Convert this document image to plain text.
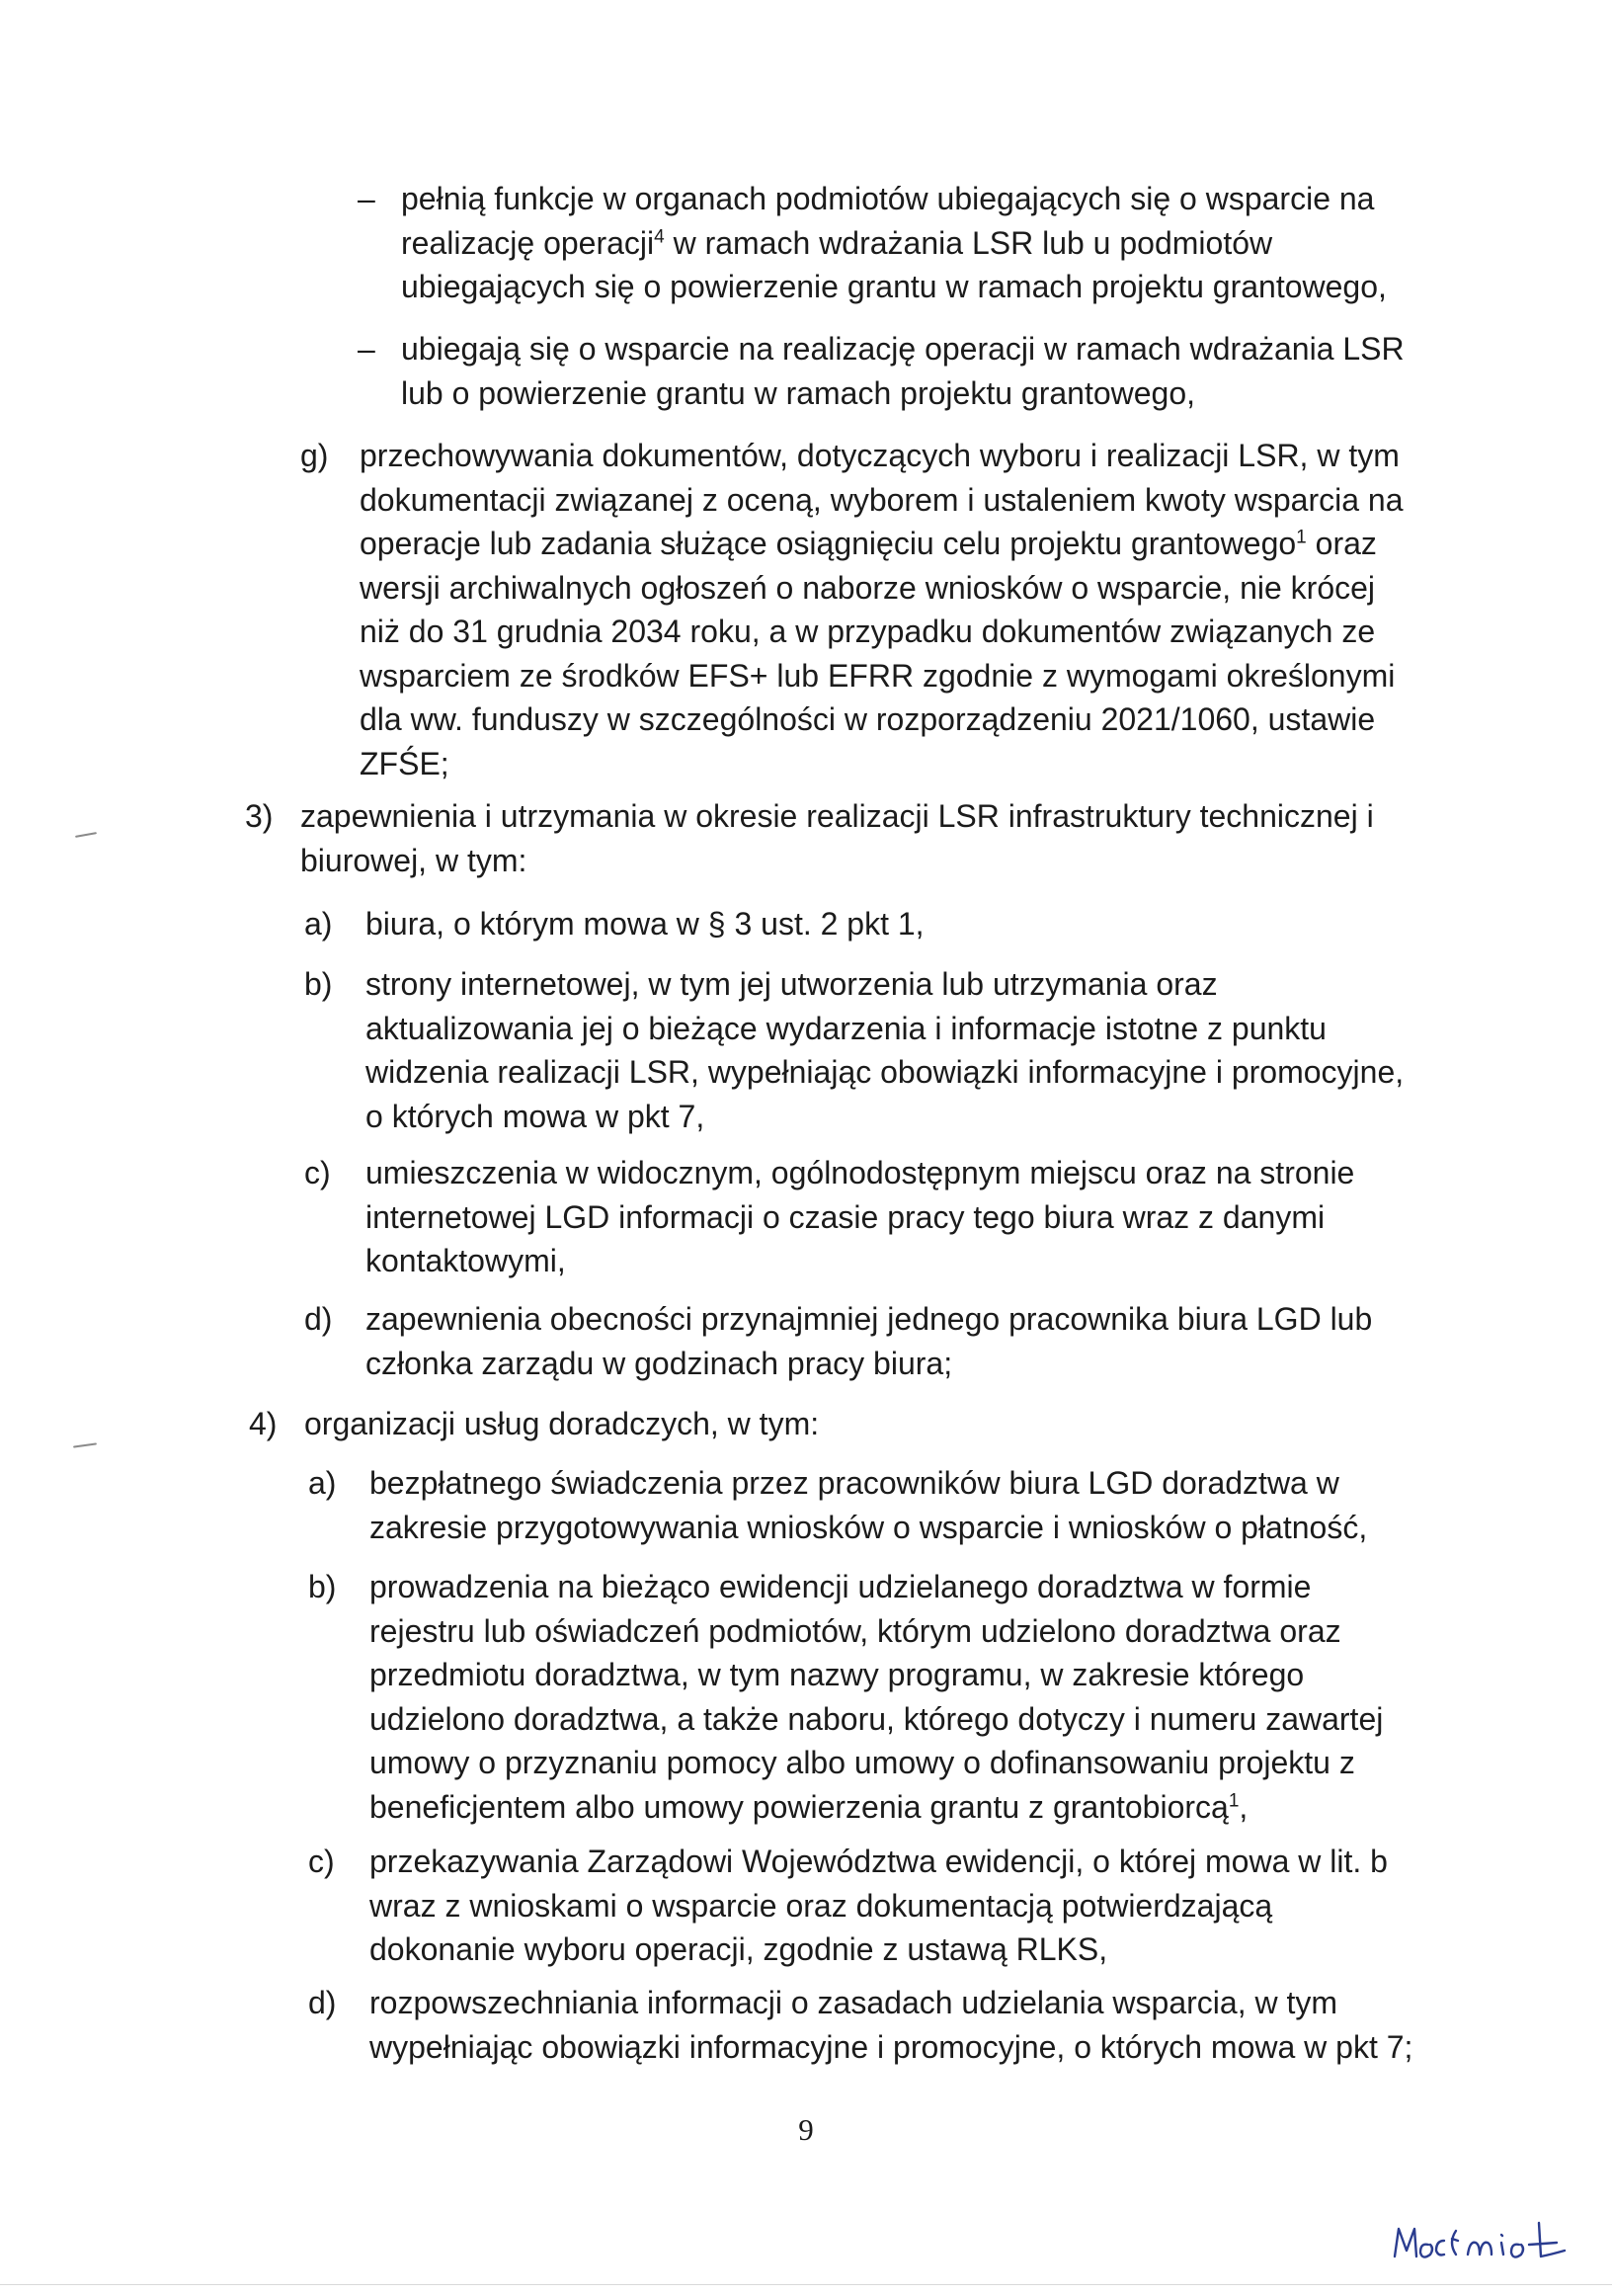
– pełnią funkcje w organach podmiotów ubiegających się o wsparcie na
realizację operacji$^4$ w ramach wdrażania LSR lub u podmiotów
ubiegających się o powierzenie grantu w ramach projektu grantowego,
– ubiegają się o wsparcie na realizację operacji w ramach wdrażania LSR
lub o powierzenie grantu w ramach projektu grantowego,
g) przechowywania dokumentów, dotyczących wyboru i realizacji LSR, w tym
dokumentacji związanej z oceną, wyborem i ustaleniem kwoty wsparcia na
operacje lub zadania służące osiągnięciu celu projektu grantowego$^1$ oraz
wersji archiwalnych ogłoszeń o naborze wniosków o wsparcie, nie krócej
niż do 31 grudnia 2034 roku, a w przypadku dokumentów związanych ze
wsparciem ze środków EFS+ lub EFRR zgodnie z wymogami określonymi
dla ww. funduszy w szczególności w rozporządzeniu 2021/1060, ustawie
ZFŚE;
3) zapewnienia i utrzymania w okresie realizacji LSR infrastruktury technicznej i
biurowej, w tym:
a)	biura, o którym mowa w § 3 ust. 2 pkt 1,
b)	strony internetowej, w tym jej utworzenia lub utrzymania oraz
aktualizowania jej o bieżące wydarzenia i informacje istotne z punktu
widzenia realizacji LSR, wypełniając obowiązki informacyjne i promocyjne,
o których mowa w pkt 7,
c)	umieszczenia w widocznym, ogólnodostępnym miejscu oraz na stronie
internetowej LGD informacji o czasie pracy tego biura wraz z danymi
kontaktowymi,
d)	zapewnienia obecności przynajmniej jednego pracownika biura LGD lub
członka zarządu w godzinach pracy biura;
4) organizacji usług doradczych, w tym:
a)	bezpłatnego świadczenia przez pracowników biura LGD doradztwa w
zakresie przygotowywania wniosków o wsparcie i wniosków o płatność,
b)	prowadzenia na bieżąco ewidencji udzielanego doradztwa w formie
rejestru lub oświadczeń podmiotów, którym udzielono doradztwa oraz
przedmiotu doradztwa, w tym nazwy programu, w zakresie którego
udzielono doradztwa, a także naboru, którego dotyczy i numeru zawartej
umowy o przyznaniu pomocy albo umowy o dofinansowaniu projektu z
beneficjentem albo umowy powierzenia grantu z grantobiorcą$^1$,
c)	przekazywania Zarządowi Województwa ewidencji, o której mowa w lit. b
wraz z wnioskami o wsparcie oraz dokumentacją potwierdzającą
dokonanie wyboru operacji, zgodnie z ustawą RLKS,
d)	rozpowszechniania informacji o zasadach udzielania wsparcia, w tym
wypełniając obowiązki informacyjne i promocyjne, o których mowa w pkt 7;
9
